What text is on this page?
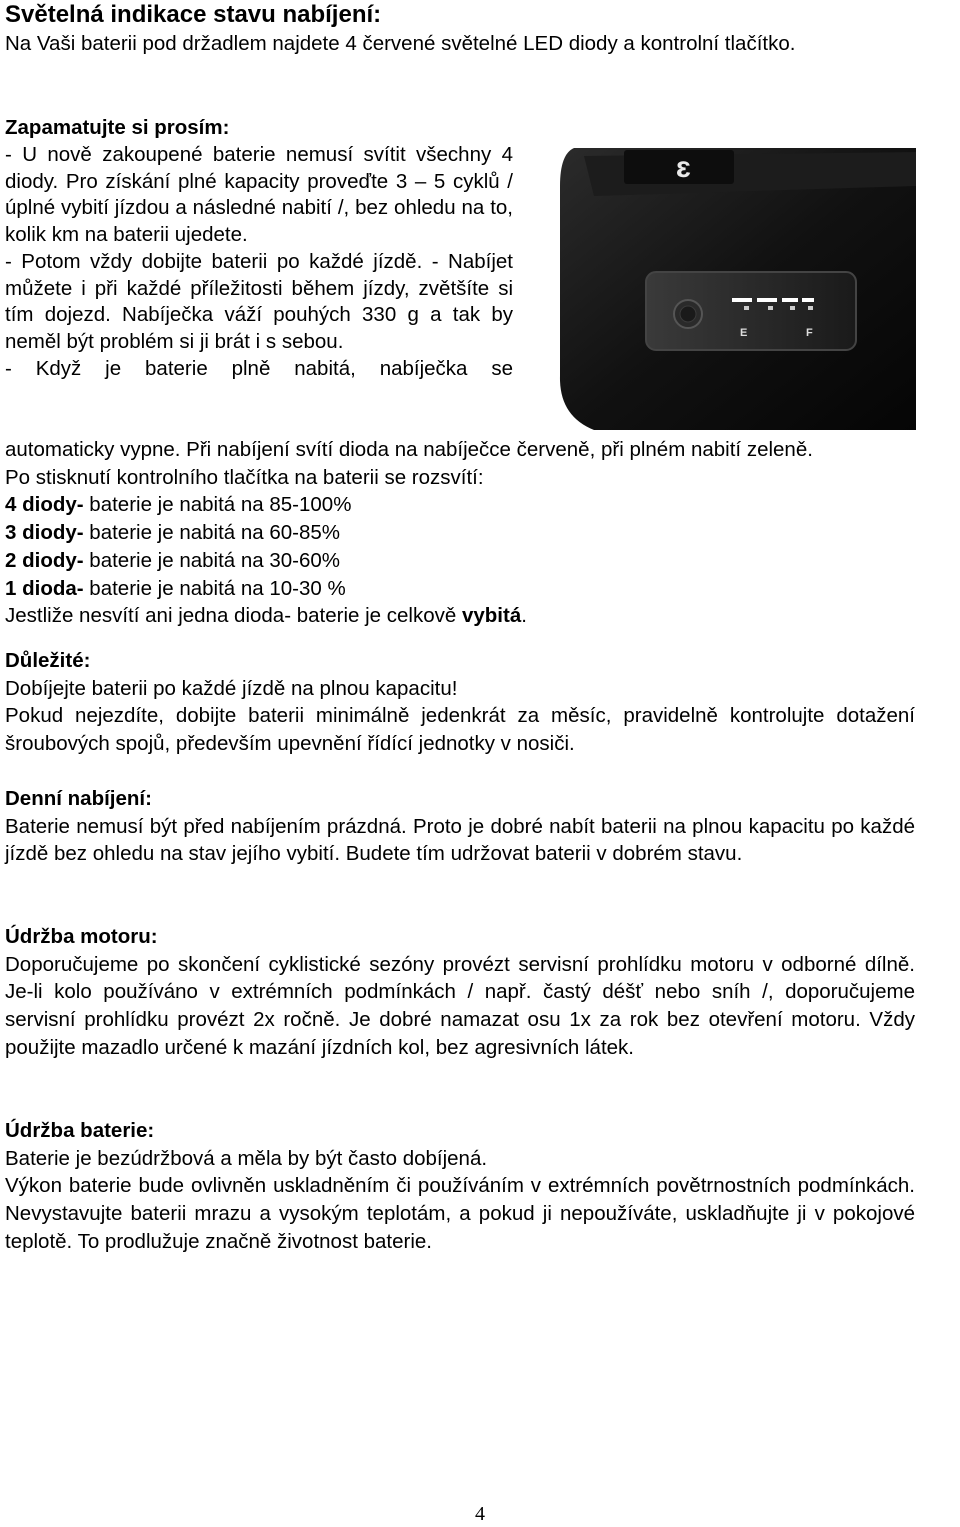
Světelná indikace stavu nabíjení:

Na Vaši baterii pod držadlem najdete 4 červené světelné LED diody a kontrolní tlačítko.

Zapamatujte si prosím:

- U nově zakoupené baterie nemusí svítit všechny 4 diody. Pro získání plné kapacity proveďte 3 – 5 cyklů / úplné vybití jízdou a následné nabití /, bez ohledu na to, kolik km na baterii ujedete.

- Potom vždy dobijte baterii po každé jízdě. - Nabíjet můžete i při každé příležitosti během jízdy, zvětšíte si tím dojezd. Nabíječka váží pouhých 330 g a tak by neměl být problém si ji brát i s sebou.

- Když je baterie plně nabitá, nabíječka se

ɛ
E	F

automaticky vypne. Při nabíjení svítí dioda na nabíječce červeně, při plném nabití zeleně.

Po stisknutí kontrolního tlačítka na baterii se rozsvítí:

4 diody- baterie je nabitá na 85-100%

3 diody- baterie je nabitá na 60-85%

2 diody- baterie je nabitá na 30-60%

1 dioda- baterie je nabitá na 10-30 %

Jestliže nesvítí ani jedna dioda- baterie je celkově vybitá.

Důležité:

Dobíjejte baterii po každé jízdě na plnou kapacitu!

Pokud nejezdíte, dobijte baterii minimálně jedenkrát za měsíc, pravidelně kontrolujte dotažení šroubových spojů, především upevnění řídící jednotky v nosiči.

Denní nabíjení:

Baterie nemusí být před nabíjením prázdná. Proto je dobré nabít baterii na plnou kapacitu po každé jízdě bez ohledu na stav jejího vybití. Budete tím udržovat baterii v dobrém stavu.

Údržba motoru:

Doporučujeme po skončení cyklistické sezóny provézt servisní prohlídku motoru v odborné dílně. Je-li kolo používáno v extrémních podmínkách / např. častý déšť nebo sníh /, doporučujeme servisní prohlídku provézt 2x ročně. Je dobré namazat osu 1x za rok bez otevření motoru. Vždy použijte mazadlo určené k mazání jízdních kol, bez agresivních látek.

Údržba baterie:

Baterie je bezúdržbová a měla by být často dobíjená.

Výkon baterie bude ovlivněn uskladněním či používáním v extrémních povětrnostních podmínkách. Nevystavujte baterii mrazu a vysokým teplotám, a pokud ji nepoužíváte, uskladňujte ji v pokojové teplotě. To prodlužuje značně životnost baterie.

4
